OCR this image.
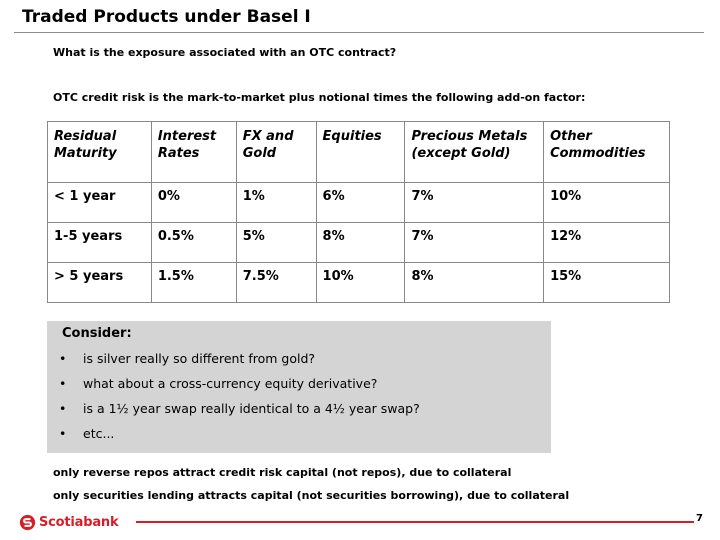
Traded Products under Basel I
What is the exposure associated with an OTC contract?
OTC credit risk is the mark-to-market plus notional times the following add-on factor:
Residual Maturity	Interest Rates	FX and Gold	Equities	Precious Metals (except Gold)	Other Commodities
< 1 year	0%	1%	6%	7%	10%
1-5 years	0.5%	5%	8%	7%	12%
> 5 years	1.5%	7.5%	10%	8%	15%
Consider:
• is silver really so different from gold?
• what about a cross-currency equity derivative?
• is a 1½ year swap really identical to a 4½ year swap?
• etc...
only reverse repos attract credit risk capital (not repos), due to collateral
only securities lending attracts capital (not securities borrowing), due to collateral
Scotiabank	7
